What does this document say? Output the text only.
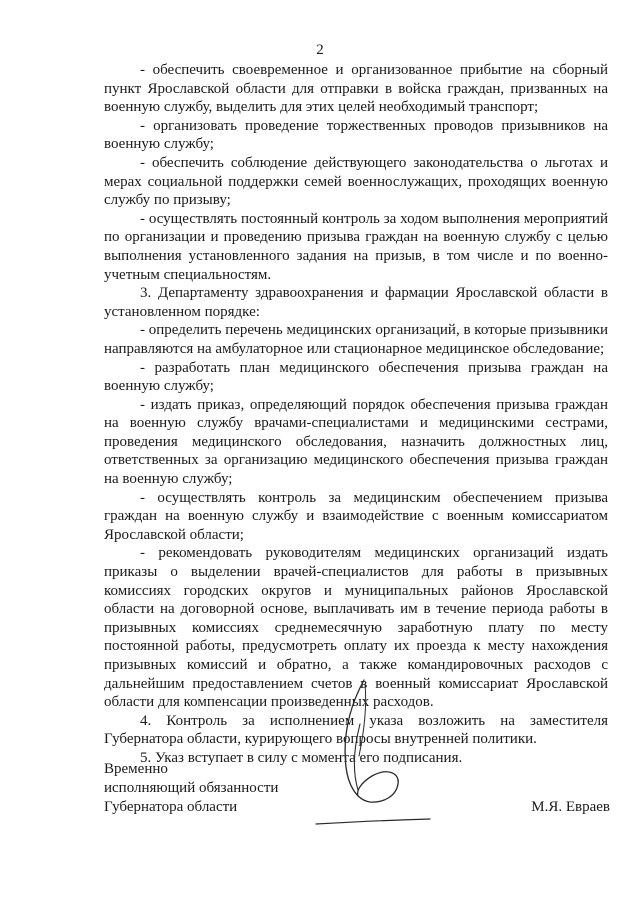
2

- обеспечить своевременное и организованное прибытие на сборный пункт Ярославской области для отправки в войска граждан, призванных на военную службу, выделить для этих целей необходимый транспорт;

- организовать проведение торжественных проводов призывников на военную службу;

- обеспечить соблюдение действующего законодательства о льготах и мерах социальной поддержки семей военнослужащих, проходящих военную службу по призыву;

- осуществлять постоянный контроль за ходом выполнения мероприятий по организации и проведению призыва граждан на военную службу с целью выполнения установленного задания на призыв, в том числе и по военно-учетным специальностям.

3. Департаменту здравоохранения и фармации Ярославской области в установленном порядке:

- определить перечень медицинских организаций, в которые призывники направляются на амбулаторное или стационарное медицинское обследование;

- разработать план медицинского обеспечения призыва граждан на военную службу;

- издать приказ, определяющий порядок обеспечения призыва граждан на военную службу врачами-специалистами и медицинскими сестрами, проведения медицинского обследования, назначить должностных лиц, ответственных за организацию медицинского обеспечения призыва граждан на военную службу;

- осуществлять контроль за медицинским обеспечением призыва граждан на военную службу и взаимодействие с военным комиссариатом Ярославской области;

- рекомендовать руководителям медицинских организаций издать приказы о выделении врачей-специалистов для работы в призывных комиссиях городских округов и муниципальных районов Ярославской области на договорной основе, выплачивать им в течение периода работы в призывных комиссиях среднемесячную заработную плату по месту постоянной работы, предусмотреть оплату их проезда к месту нахождения призывных комиссий и обратно, а также командировочных расходов с дальнейшим предоставлением счетов в военный комиссариат Ярославской области для компенсации произведенных расходов.

4. Контроль за исполнением указа возложить на заместителя Губернатора области, курирующего вопросы внутренней политики.

5. Указ вступает в силу с момента его подписания.

Временно
исполняющий обязанности
Губернатора области	М.Я. Евраев
